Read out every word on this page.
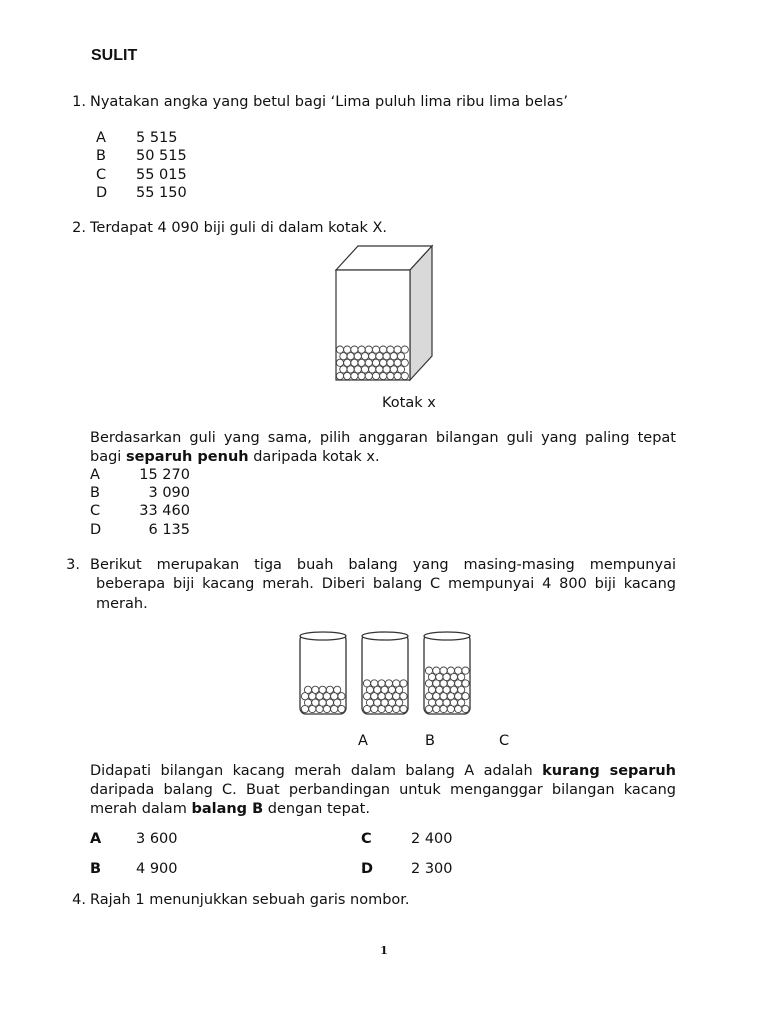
SULIT
1. Nyatakan angka yang betul bagi ‘Lima puluh lima ribu lima belas’
A 5 515
B 50 515
C 55 015
D 55 150
2. Terdapat 4 090 biji guli di dalam kotak X.
Kotak x
Berdasarkan guli yang sama, pilih anggaran bilangan guli yang paling tepat
bagi separuh penuh daripada kotak x.
A	15 270
B	3 090
C	33 460
D	6 135
3. Berikut merupakan tiga buah balang yang masing-masing mempunyai
beberapa biji kacang merah. Diberi balang C mempunyai 4 800 biji kacang
merah.
A	B	C
Didapati bilangan kacang merah dalam balang A adalah kurang separuh
daripada balang C. Buat perbandingan untuk menganggar bilangan kacang
merah dalam balang B dengan tepat.
A 3 600
B 4 900
C	2 400
D	2 300
4. Rajah 1 menunjukkan sebuah garis nombor.
1
